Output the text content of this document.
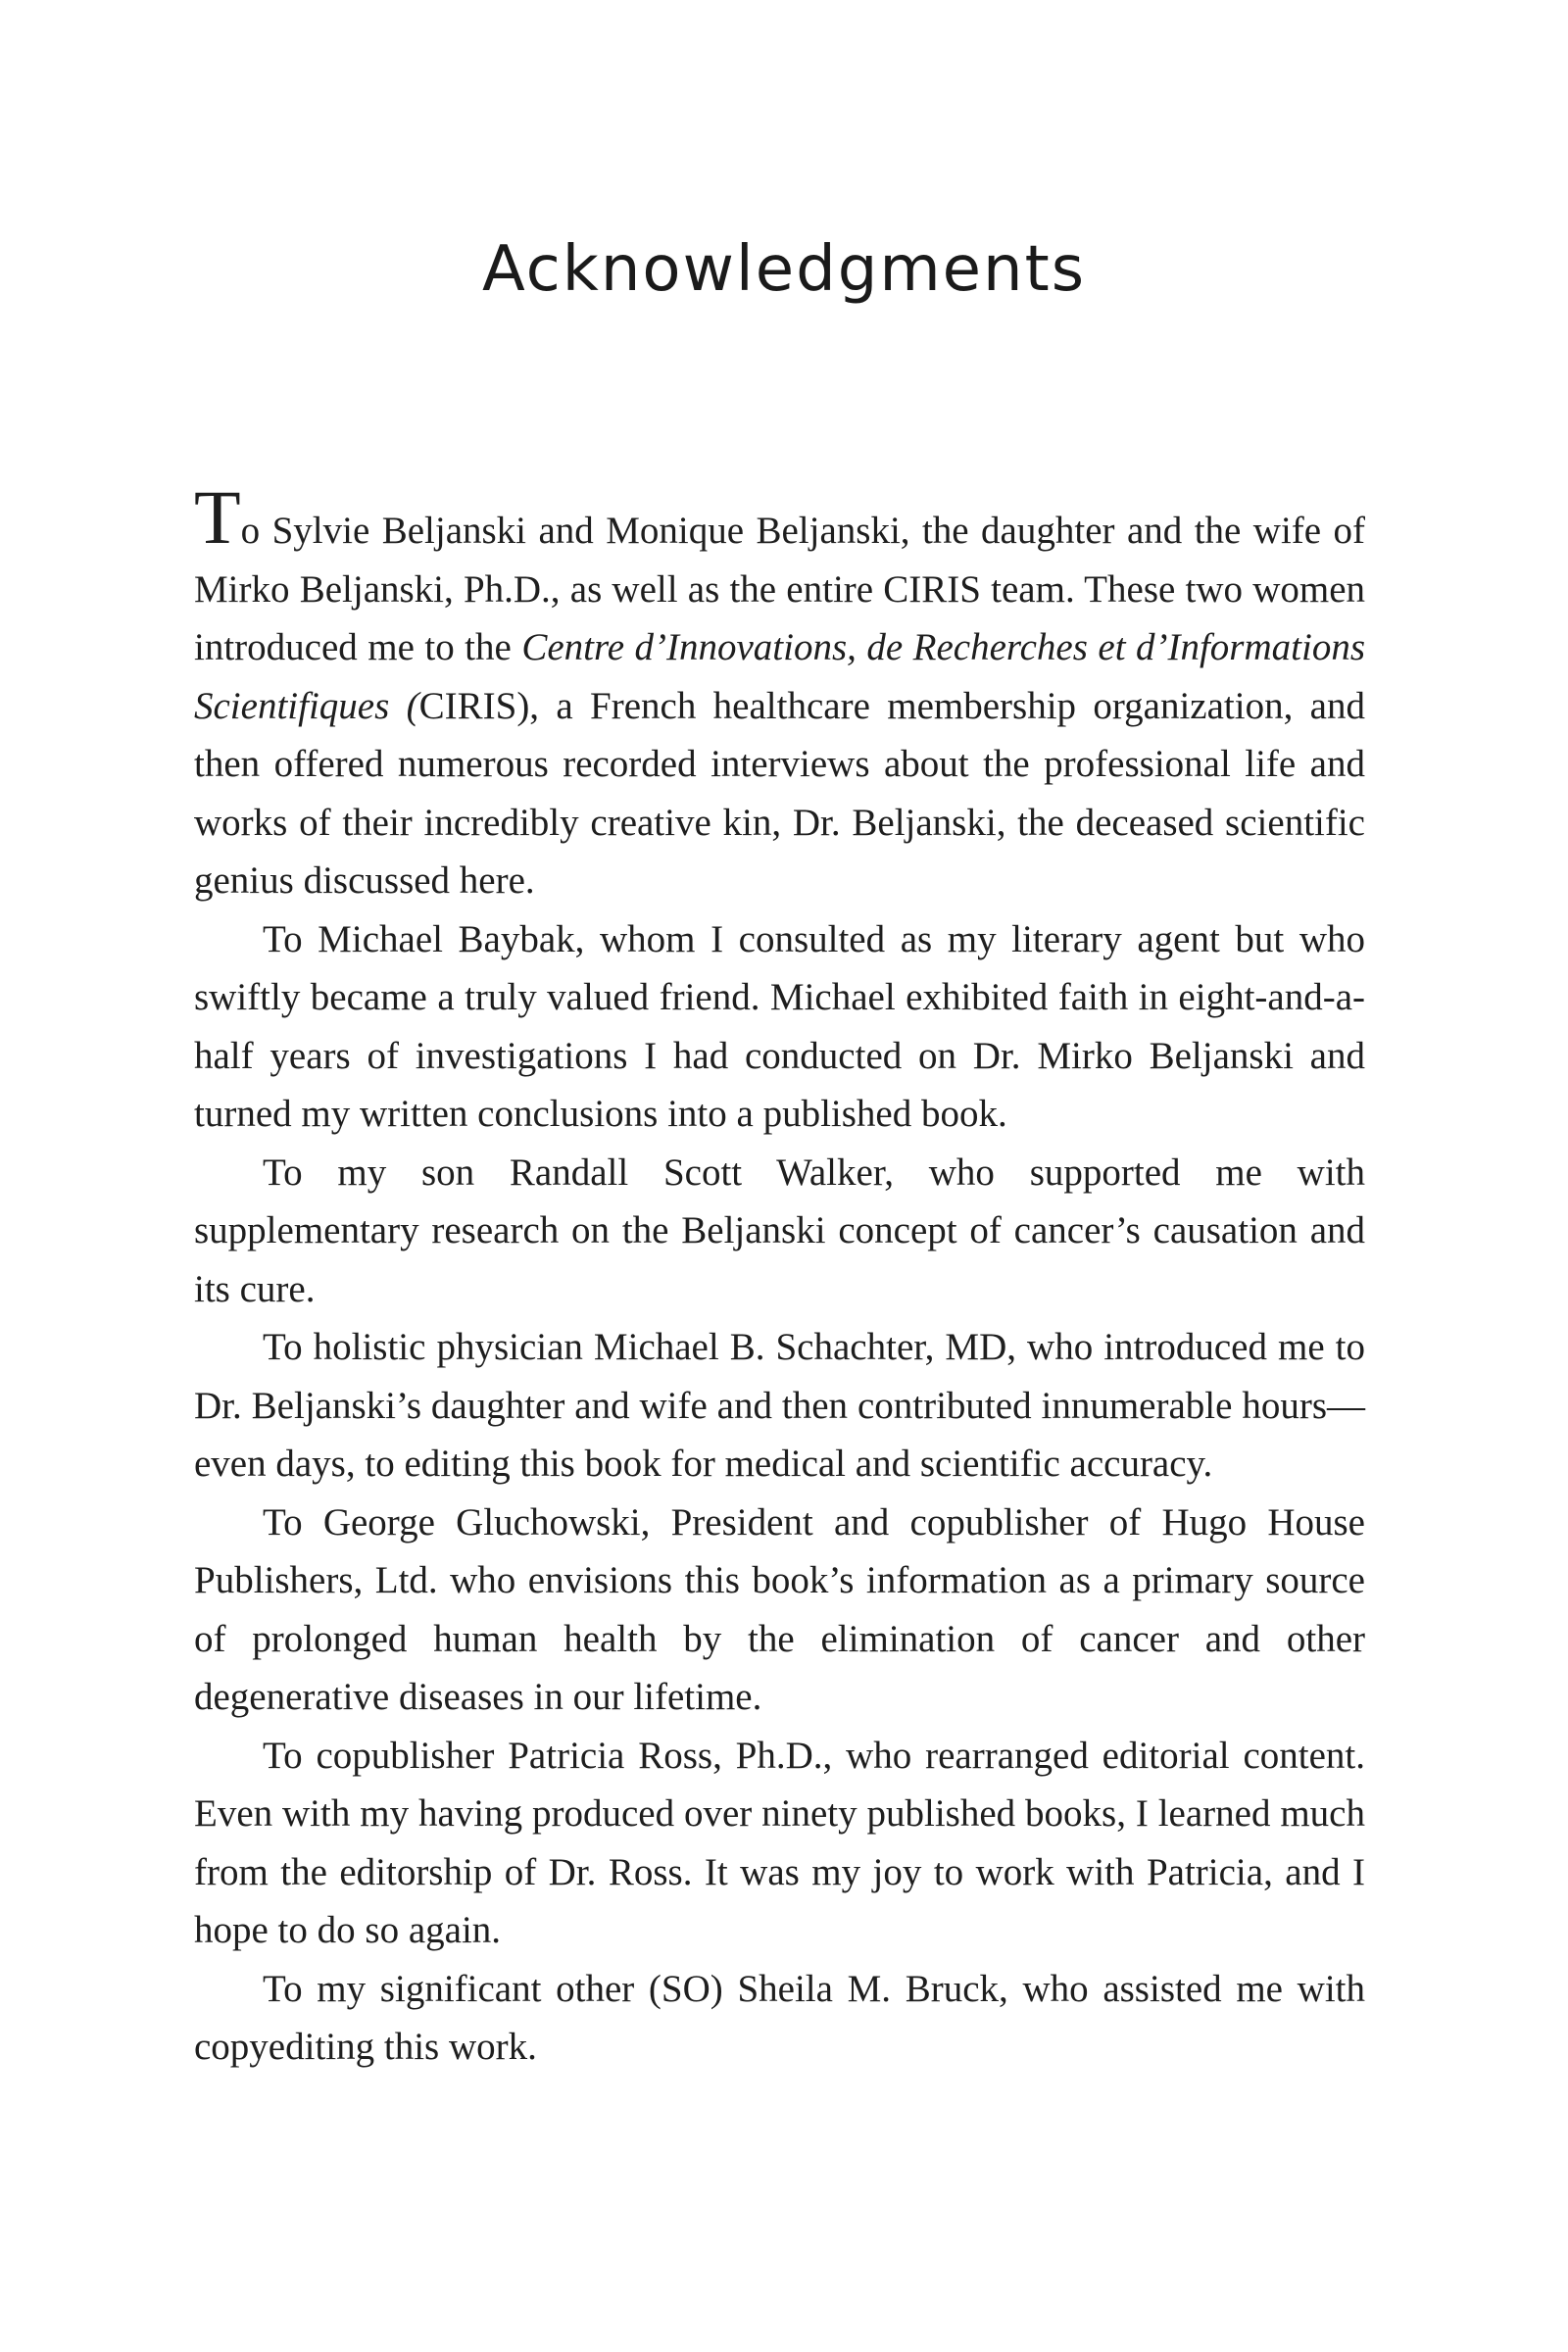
Acknowledgments

To Sylvie Beljanski and Monique Beljanski, the daughter and the wife of Mirko Beljanski, Ph.D., as well as the entire CIRIS team. These two women introduced me to the Centre d’Innovations, de Recherches et d’Informations Scientifiques (CIRIS), a French healthcare membership organization, and then offered numerous recorded interviews about the professional life and works of their incredibly creative kin, Dr. Beljanski, the deceased scientific genius discussed here.

To Michael Baybak, whom I consulted as my literary agent but who swiftly became a truly valued friend. Michael exhibited faith in eight-and-a-half years of investigations I had conducted on Dr. Mirko Beljanski and turned my written conclusions into a published book.

To my son Randall Scott Walker, who supported me with supplementary research on the Beljanski concept of cancer’s causation and its cure.

To holistic physician Michael B. Schachter, MD, who introduced me to Dr. Beljanski’s daughter and wife and then contributed innumerable hours—even days, to editing this book for medical and scientific accuracy.

To George Gluchowski, President and copublisher of Hugo House Publishers, Ltd. who envisions this book’s information as a primary source of prolonged human health by the elimination of cancer and other degenerative diseases in our lifetime.

To copublisher Patricia Ross, Ph.D., who rearranged editorial content. Even with my having produced over ninety published books, I learned much from the editorship of Dr. Ross. It was my joy to work with Patricia, and I hope to do so again.

To my significant other (SO) Sheila M. Bruck, who assisted me with copyediting this work.
